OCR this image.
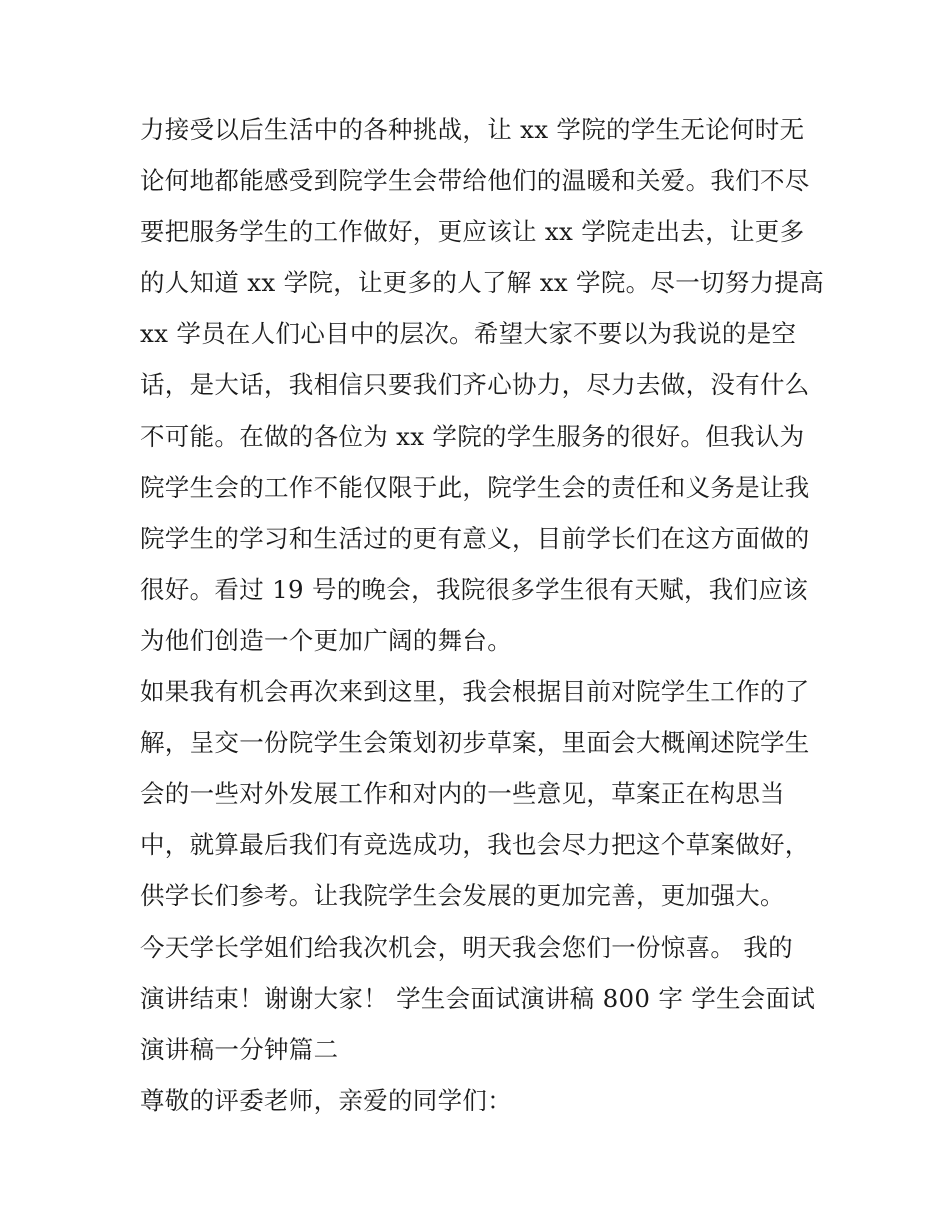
力接受以后生活中的各种挑战，让 xx 学院的学生无论何时无
论何地都能感受到院学生会带给他们的温暖和关爱。我们不尽
要把服务学生的工作做好，更应该让 xx 学院走出去，让更多
的人知道 xx 学院，让更多的人了解 xx 学院。尽一切努力提高
xx 学员在人们心目中的层次。希望大家不要以为我说的是空
话，是大话，我相信只要我们齐心协力，尽力去做，没有什么
不可能。在做的各位为 xx 学院的学生服务的很好。但我认为
院学生会的工作不能仅限于此，院学生会的责任和义务是让我
院学生的学习和生活过的更有意义，目前学长们在这方面做的
很好。看过 19 号的晚会，我院很多学生很有天赋，我们应该
为他们创造一个更加广阔的舞台。
如果我有机会再次来到这里，我会根据目前对院学生工作的了
解，呈交一份院学生会策划初步草案，里面会大概阐述院学生
会的一些对外发展工作和对内的一些意见，草案正在构思当
中，就算最后我们有竞选成功，我也会尽力把这个草案做好，
供学长们参考。让我院学生会发展的更加完善，更加强大。
今天学长学姐们给我次机会，明天我会您们一份惊喜。 我的
演讲结束！谢谢大家！ 学生会面试演讲稿 800 字 学生会面试
演讲稿一分钟篇二
尊敬的评委老师，亲爱的同学们：
